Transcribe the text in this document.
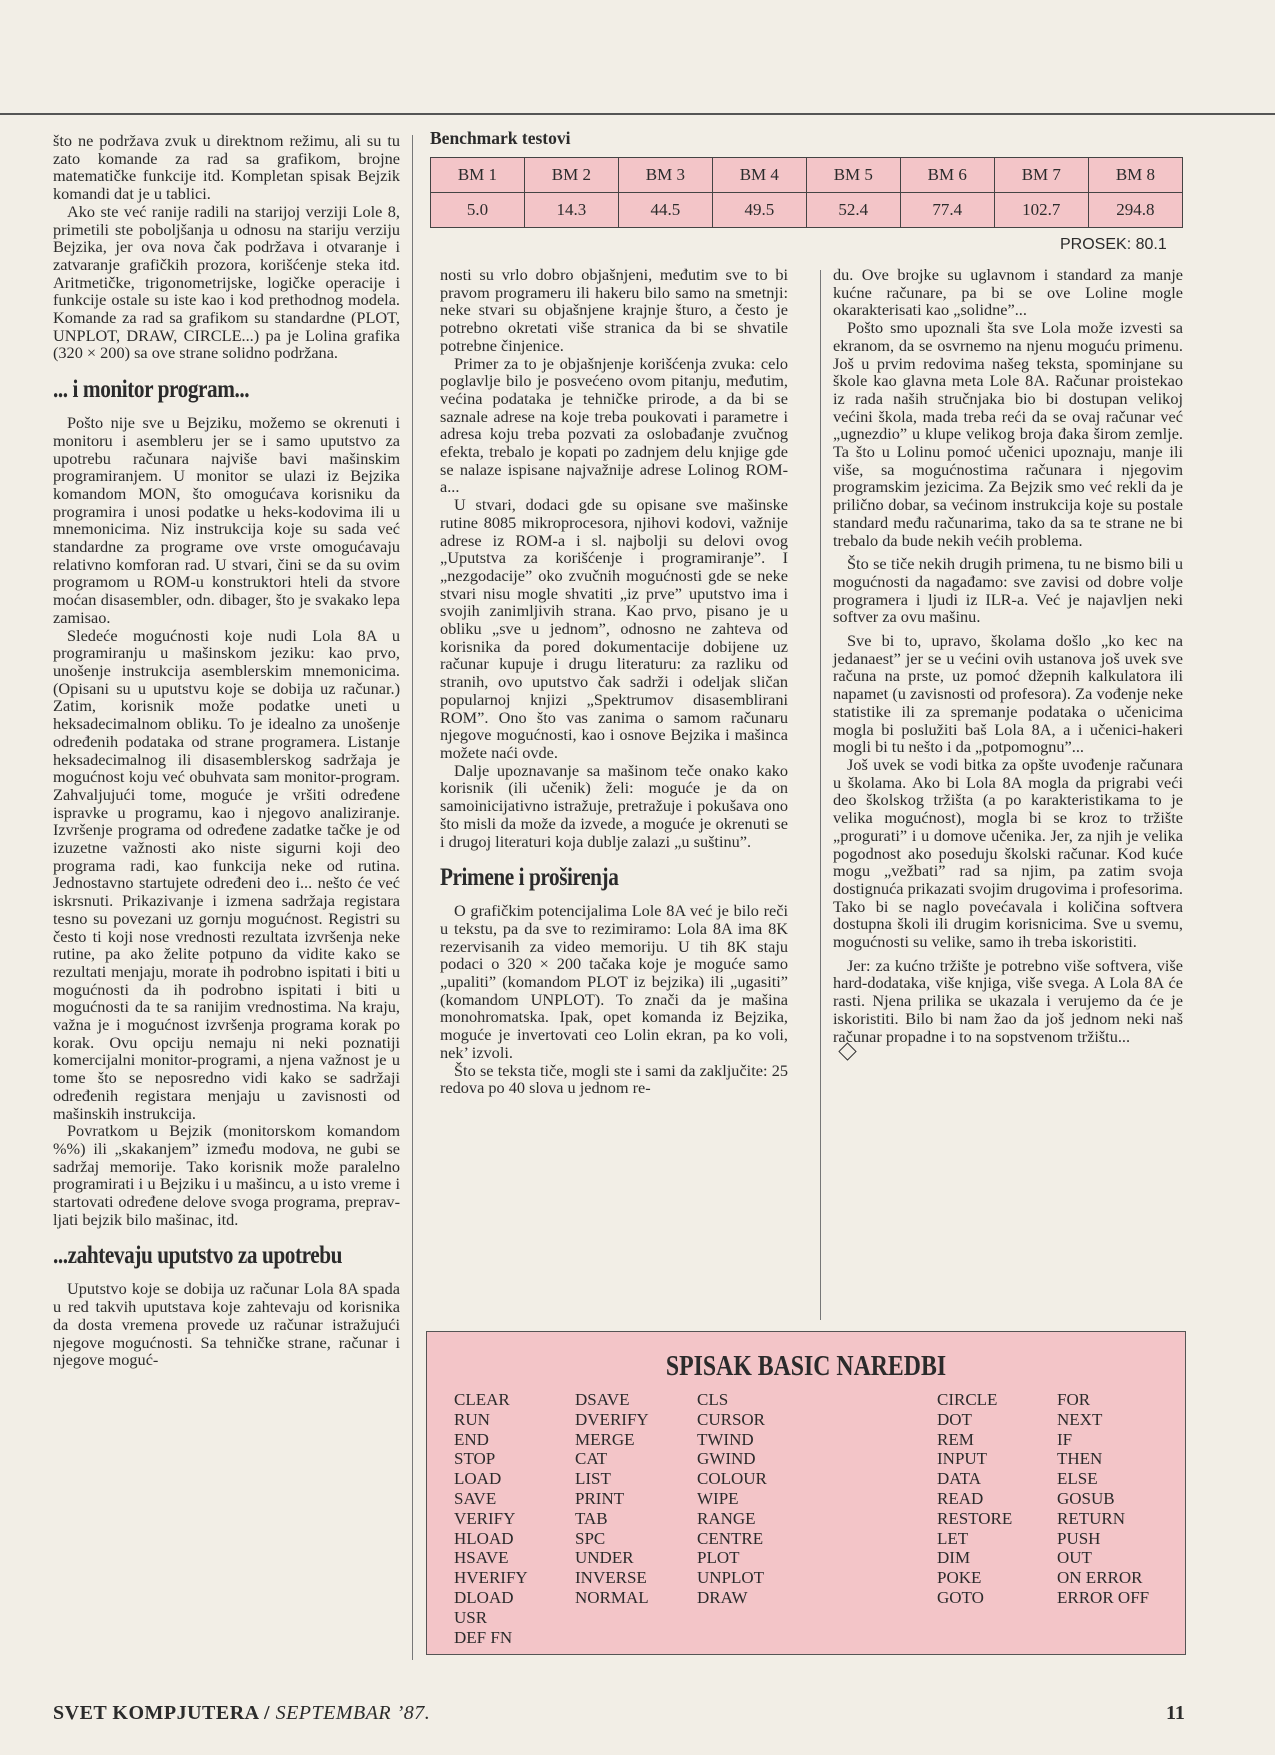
Benchmark testovi
BM 1	BM 2	BM 3	BM 4	BM 5	BM 6	BM 7	BM 8
5.0	14.3	44.5	49.5	52.4	77.4	102.7	294.8
PROSEK: 80.1

što ne podržava zvuk u direktnom režimu, ali su tu zato komande za rad sa grafikom, brojne matematičke funkcije itd. Kompletan spisak Bejzik komandi dat je u tablici.

Ako ste već ranije radili na starijoj verziji Lole 8, primetili ste poboljšanja u odnosu na stariju verziju Bejzika, jer ova nova čak podržava i otvaranje i zatvaranje grafičkih prozora, korišćenje steka itd. Aritmetičke, trigonometrijske, logičke operacije i funkcije ostale su iste kao i kod prethodnog modela. Komande za rad sa grafikom su standardne (PLOT, UNPLOT, DRAW, CIRCLE...) pa je Lolina grafika (320 × 200) sa ove strane solidno podržana.

... i monitor program...

Pošto nije sve u Bejziku, možemo se okrenuti i monitoru i asembleru jer se i samo uputstvo za upotrebu računara najviše bavi mašinskim programiranjem. U monitor se ulazi iz Bejzika komandom MON, što omogućava korisniku da programira i unosi podatke u heks-kodovima ili u mnemonicima. Niz instrukcija koje su sada već standardne za programe ove vrste omogućavaju relativno komforan rad. U stvari, čini se da su ovim programom u ROM-u konstruktori hteli da stvore moćan disasembler, odn. dibager, što je svakako lepa zamisao.

Sledeće mogućnosti koje nudi Lola 8A u programiranju u mašinskom jeziku: kao prvo, unošenje instrukcija asemblerskim mnemonicima. (Opisani su u uputstvu koje se dobija uz računar.) Zatim, korisnik može podatke uneti u heksadecimalnom obliku. To je idealno za unošenje određenih podataka od strane programera. Listanje heksadecimalnog ili disasemblerskog sadržaja je mogućnost koju već obuhvata sam monitor-program. Zahvaljujući tome, moguće je vršiti određene ispravke u programu, kao i njegovo analiziranje. Izvršenje programa od određene zadatke tačke je od izuzetne važnosti ako niste sigurni koji deo programa radi, kao funkcija neke od rutina. Jednostavno startujete određeni deo i... nešto će već iskrsnuti. Prikazivanje i izmena sadržaja registara tesno su povezani uz gornju mogućnost. Registri su često ti koji nose vrednosti rezultata izvršenja neke rutine, pa ako želite potpuno da vidite kako se rezultati menjaju, morate ih podrobno ispitati i biti u mogućnosti da ih podrobno ispitati i biti u mogućnosti da te sa ranijim vrednostima. Na kraju, važna je i mogućnost izvršenja programa korak po korak. Ovu opciju nemaju ni neki poznatiji komercijalni monitor-programi, a njena važnost je u tome što se neposredno vidi kako se sadržaji određenih registara menjaju u zavisnosti od mašinskih instrukcija.

Povratkom u Bejzik (monitorskom komandom %%) ili „skakanjem” između modova, ne gubi se sadržaj memorije. Tako korisnik može paralelno programirati i u Bejziku i u mašincu, a u isto vreme i startovati određene delove svoga programa, prepravljati bejzik bilo mašinac, itd.

...zahtevaju uputstvo za upotrebu

Uputstvo koje se dobija uz računar Lola 8A spada u red takvih uputstava koje zahtevaju od korisnika da dosta vremena provede uz računar istražujući njegove mogućnosti. Sa tehničke strane, računar i njegove moguć-

nosti su vrlo dobro objašnjeni, međutim sve to bi pravom programeru ili hakeru bilo samo na smetnji: neke stvari su objašnjene krajnje šturo, a često je potrebno okretati više stranica da bi se shvatile potrebne činjenice.

Primer za to je objašnjenje korišćenja zvuka: celo poglavlje bilo je posvećeno ovom pitanju, međutim, većina podataka je tehničke prirode, a da bi se saznale adrese na koje treba poukovati i parametre i adresa koju treba pozvati za oslobađanje zvučnog efekta, trebalo je kopati po zadnjem delu knjige gde se nalaze ispisane najvažnije adrese Lolinog ROM-a...

U stvari, dodaci gde su opisane sve mašinske rutine 8085 mikroprocesora, njihovi kodovi, važnije adrese iz ROM-a i sl. najbolji su delovi ovog „Uputstva za korišćenje i programiranje”. I „nezgodacije” oko zvučnih mogućnosti gde se neke stvari nisu mogle shvatiti „iz prve” uputstvo ima i svojih zanimljivih strana. Kao prvo, pisano je u obliku „sve u jednom”, odnosno ne zahteva od korisnika da pored dokumentacije dobijene uz računar kupuje i drugu literaturu: za razliku od stranih, ovo uputstvo čak sadrži i odeljak sličan popularnoj knjizi „Spektrumov disasemblirani ROM”. Ono što vas zanima o samom računaru njegove mogućnosti, kao i osnove Bejzika i mašinca možete naći ovde.

Dalje upoznavanje sa mašinom teče onako kako korisnik (ili učenik) želi: moguće je da on samoinicijativno istražuje, pretražuje i pokušava ono što misli da može da izvede, a moguće je okrenuti se i drugoj literaturi koja dublje zalazi „u suštinu”.

Primene i proširenja

O grafičkim potencijalima Lole 8A već je bilo reči u tekstu, pa da sve to rezimiramo: Lola 8A ima 8K rezervisanih za video memoriju. U tih 8K staju podaci o 320 × 200 tačaka koje je moguće samo „upaliti” (komandom PLOT iz bejzika) ili „ugasiti” (komandom UNPLOT). To znači da je mašina monohromatska. Ipak, opet komanda iz Bejzika, moguće je invertovati ceo Lolin ekran, pa ko voli, nek’ izvoli.

Što se teksta tiče, mogli ste i sami da zaključite: 25 redova po 40 slova u jednom re-

du. Ove brojke su uglavnom i standard za manje kućne računare, pa bi se ove Loline mogle okarakterisati kao „solidne”...

Pošto smo upoznali šta sve Lola može izvesti sa ekranom, da se osvrnemo na njenu moguću primenu. Još u prvim redovima našeg teksta, spominjane su škole kao glavna meta Lole 8A. Računar proistekao iz rada naših stručnjaka bio bi dostupan velikoj većini škola, mada treba reći da se ovaj računar već „ugnezdio” u klupe velikog broja đaka širom zemlje. Ta što u Lolinu pomoć učenici upoznaju, manje ili više, sa mogućnostima računara i njegovim programskim jezicima. Za Bejzik smo već rekli da je prilično dobar, sa većinom instrukcija koje su postale standard među računarima, tako da sa te strane ne bi trebalo da bude nekih većih problema.

Što se tiče nekih drugih primena, tu ne bismo bili u mogućnosti da nagađamo: sve zavisi od dobre volje programera i ljudi iz ILR-a. Već je najavljen neki softver za ovu mašinu.

Sve bi to, upravo, školama došlo „ko kec na jedanaest” jer se u većini ovih ustanova još uvek sve računa na prste, uz pomoć džepnih kalkulatora ili napamet (u zavisnosti od profesora). Za vođenje neke statistike ili za spremanje podataka o učenicima mogla bi poslužiti baš Lola 8A, a i učenici-hakeri mogli bi tu nešto i da „potpomognu”...

Još uvek se vodi bitka za opšte uvođenje računara u školama. Ako bi Lola 8A mogla da prigrabi veći deo školskog tržišta (a po karakteristikama to je velika mogućnost), mogla bi se kroz to tržište „progurati” i u domove učenika. Jer, za njih je velika pogodnost ako poseduju školski računar. Kod kuće mogu „vežbati” rad sa njim, pa zatim svoja dostignuća prikazati svojim drugovima i profesorima. Tako bi se naglo povećavala i količina softvera dostupna školi ili drugim korisnicima. Sve u svemu, mogućnosti su velike, samo ih treba iskoristiti.

Jer: za kućno tržište je potrebno više softvera, više hard-dodataka, više knjiga, više svega. A Lola 8A će rasti. Njena prilika se ukazala i verujemo da će je iskoristiti. Bilo bi nam žao da još jednom neki naš računar propadne i to na sopstvenom tržištu...

SPISAK BASIC NAREDBI
CLEAR
RUN
END
STOP
LOAD
SAVE
VERIFY
HLOAD
HSAVE
HVERIFY
DLOAD
USR
DEF FN
DSAVE
DVERIFY
MERGE
CAT
LIST
PRINT
TAB
SPC
UNDER
INVERSE
NORMAL
CLS
CURSOR
TWIND
GWIND
COLOUR
WIPE
RANGE
CENTRE
PLOT
UNPLOT
DRAW
CIRCLE
DOT
REM
INPUT
DATA
READ
RESTORE
LET
DIM
POKE
GOTO
FOR
NEXT
IF
THEN
ELSE
GOSUB
RETURN
PUSH
OUT
ON ERROR
ERROR OFF
SVET KOMPJUTERA / SEPTEMBAR ’87.	11
